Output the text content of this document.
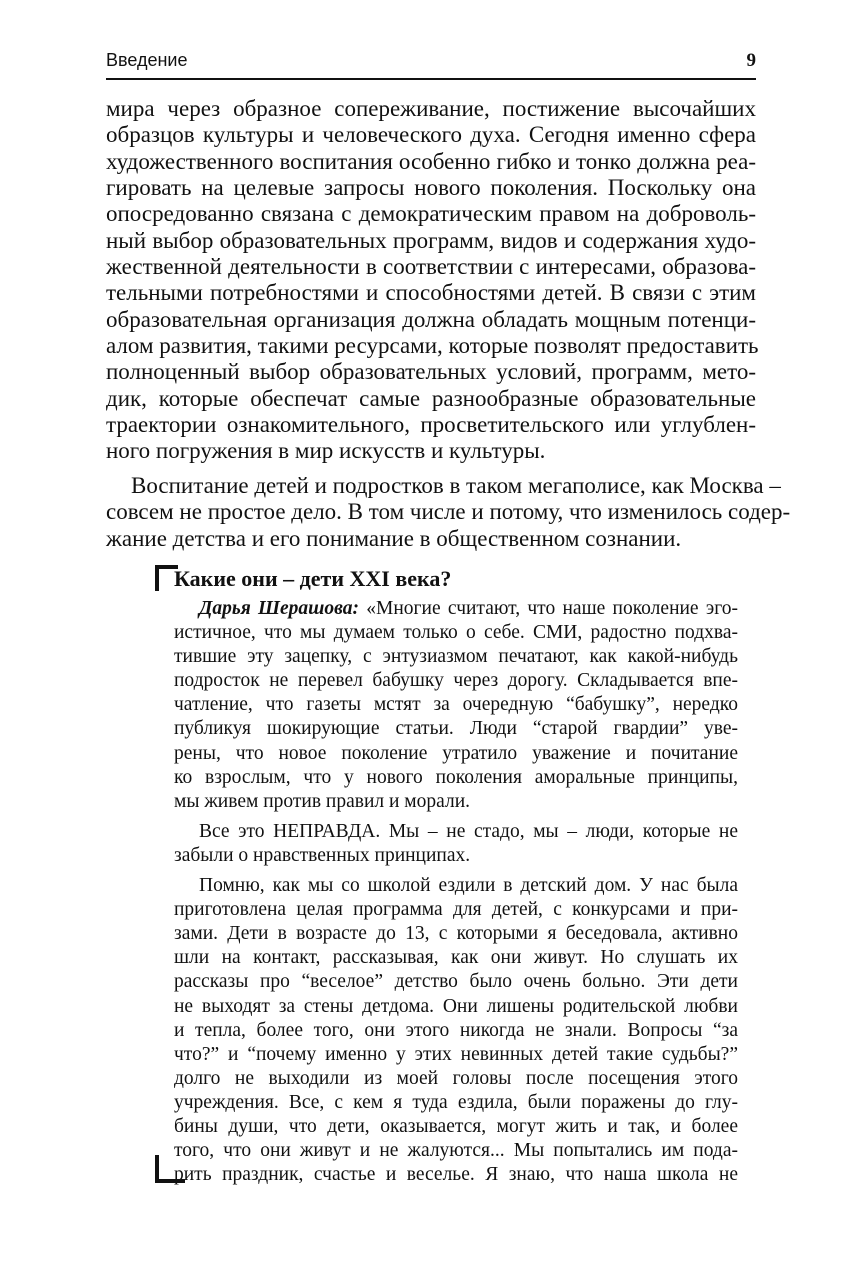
Введение	9
мира через образное сопереживание, постижение высочайших
образцов культуры и человеческого духа. Сегодня именно сфера
художественного воспитания особенно гибко и тонко должна реа-
гировать на целевые запросы нового поколения. Поскольку она
опосредованно связана с демократическим правом на доброволь-
ный выбор образовательных программ, видов и содержания худо-
жественной деятельности в соответствии с интересами, образова-
тельными потребностями и способностями детей. В связи с этим
образовательная организация должна обладать мощным потенци-
алом развития, такими ресурсами, которые позволят предоставить
полноценный выбор образовательных условий, программ, мето-
дик, которые обеспечат самые разнообразные образовательные
траектории ознакомительного, просветительского или углублен-
ного погружения в мир искусств и культуры.
Воспитание детей и подростков в таком мегаполисе, как Москва –
совсем не простое дело. В том числе и потому, что изменилось содер-
жание детства и его понимание в общественном сознании.
Какие они – дети XXI века?
Дарья Шерашова: «Многие считают, что наше поколение эго-
истичное, что мы думаем только о себе. СМИ, радостно подхва-
тившие эту зацепку, с энтузиазмом печатают, как какой-нибудь
подросток не перевел бабушку через дорогу. Складывается впе-
чатление, что газеты мстят за очередную “бабушку”, нередко
публикуя шокирующие статьи. Люди “старой гвардии” уве-
рены, что новое поколение утратило уважение и почитание
ко взрослым, что у нового поколения аморальные принципы,
мы живем против правил и морали.
Все это НЕПРАВДА. Мы – не стадо, мы – люди, которые не
забыли о нравственных принципах.
Помню, как мы со школой ездили в детский дом. У нас была
приготовлена целая программа для детей, с конкурсами и при-
зами. Дети в возрасте до 13, с которыми я беседовала, активно
шли на контакт, рассказывая, как они живут. Но слушать их
рассказы про “веселое” детство было очень больно. Эти дети
не выходят за стены детдома. Они лишены родительской любви
и тепла, более того, они этого никогда не знали. Вопросы “за
что?” и “почему именно у этих невинных детей такие судьбы?”
долго не выходили из моей головы после посещения этого
учреждения. Все, с кем я туда ездила, были поражены до глу-
бины души, что дети, оказывается, могут жить и так, и более
того, что они живут и не жалуются... Мы попытались им пода-
рить праздник, счастье и веселье. Я знаю, что наша школа не
